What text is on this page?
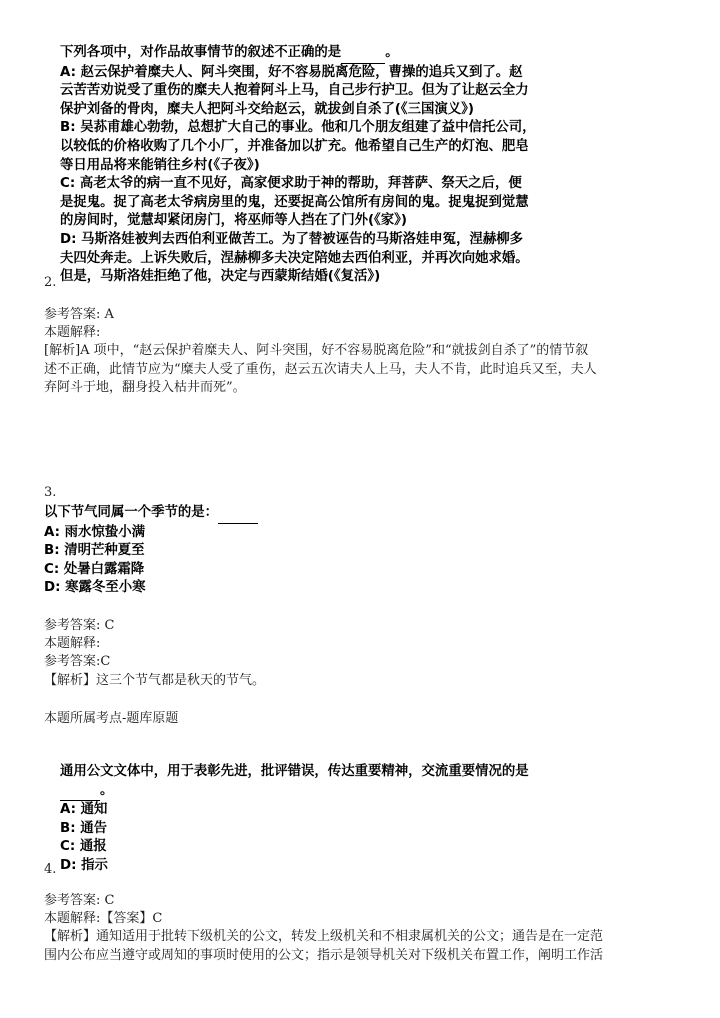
下列各项中，对作品故事情节的叙述不正确的是	。
A: 赵云保护着糜夫人、阿斗突围，好不容易脱离危险，曹操的追兵又到了。赵
云苦苦劝说受了重伤的糜夫人抱着阿斗上马，自己步行护卫。但为了让赵云全力
保护刘备的骨肉，糜夫人把阿斗交给赵云，就拔剑自杀了(《三国演义》)
B: 吴荪甫雄心勃勃，总想扩大自己的事业。他和几个朋友组建了益中信托公司，
以较低的价格收购了几个小厂，并准备加以扩充。他希望自己生产的灯泡、肥皂
等日用品将来能销往乡村(《子夜》)
C: 高老太爷的病一直不见好，高家便求助于神的帮助，拜菩萨、祭天之后，便
是捉鬼。捉了高老太爷病房里的鬼，还要捉高公馆所有房间的鬼。捉鬼捉到觉慧
的房间时，觉慧却紧闭房门，将巫师等人挡在了门外(《家》)
D: 马斯洛娃被判去西伯利亚做苦工。为了替被诬告的马斯洛娃申冤，涅赫柳多
夫四处奔走。上诉失败后，涅赫柳多夫决定陪她去西伯利亚，并再次向她求婚。
但是，马斯洛娃拒绝了他，决定与西蒙斯结婚(《复活》)
2.
参考答案: A
本题解释:
[解析]A 项中，“赵云保护着糜夫人、阿斗突围，好不容易脱离危险”和“就拔剑自杀了”的情节叙
述不正确，此情节应为“糜夫人受了重伤，赵云五次请夫人上马，夫人不肯，此时追兵又至，夫人
弃阿斗于地，翻身投入枯井而死”。
3.
以下节气同属一个季节的是：
A: 雨水惊蛰小满
B: 清明芒种夏至
C: 处暑白露霜降
D: 寒露冬至小寒
参考答案: C
本题解释:
参考答案:C
【解析】这三个节气都是秋天的节气。
本题所属考点-题库原题
通用公文文体中，用于表彰先进，批评错误，传达重要精神，交流重要情况的是
。
A: 通知
B: 通告
C: 通报
D: 指示
4.
参考答案: C
本题解释:【答案】C
【解析】通知适用于批转下级机关的公文，转发上级机关和不相隶属机关的公文；通告是在一定范
围内公布应当遵守或周知的事项时使用的公文；指示是领导机关对下级机关布置工作，阐明工作活
